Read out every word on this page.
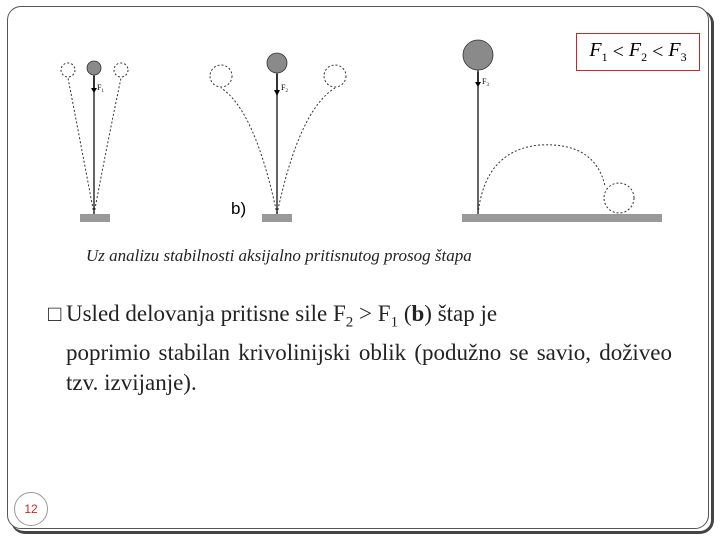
$F_1$	$F_2$
$F_3$
$F_1 < F_2 < F_3$
b)
Uz analizu stabilnosti aksijalno pritisnutog prosog štapa
□ Usled delovanja pritisne sile $F_2 > F_1$ (b) štap je

poprimio stabilan krivolinijski oblik (podužno se savio, doživeo tzv. izvijanje).

12
